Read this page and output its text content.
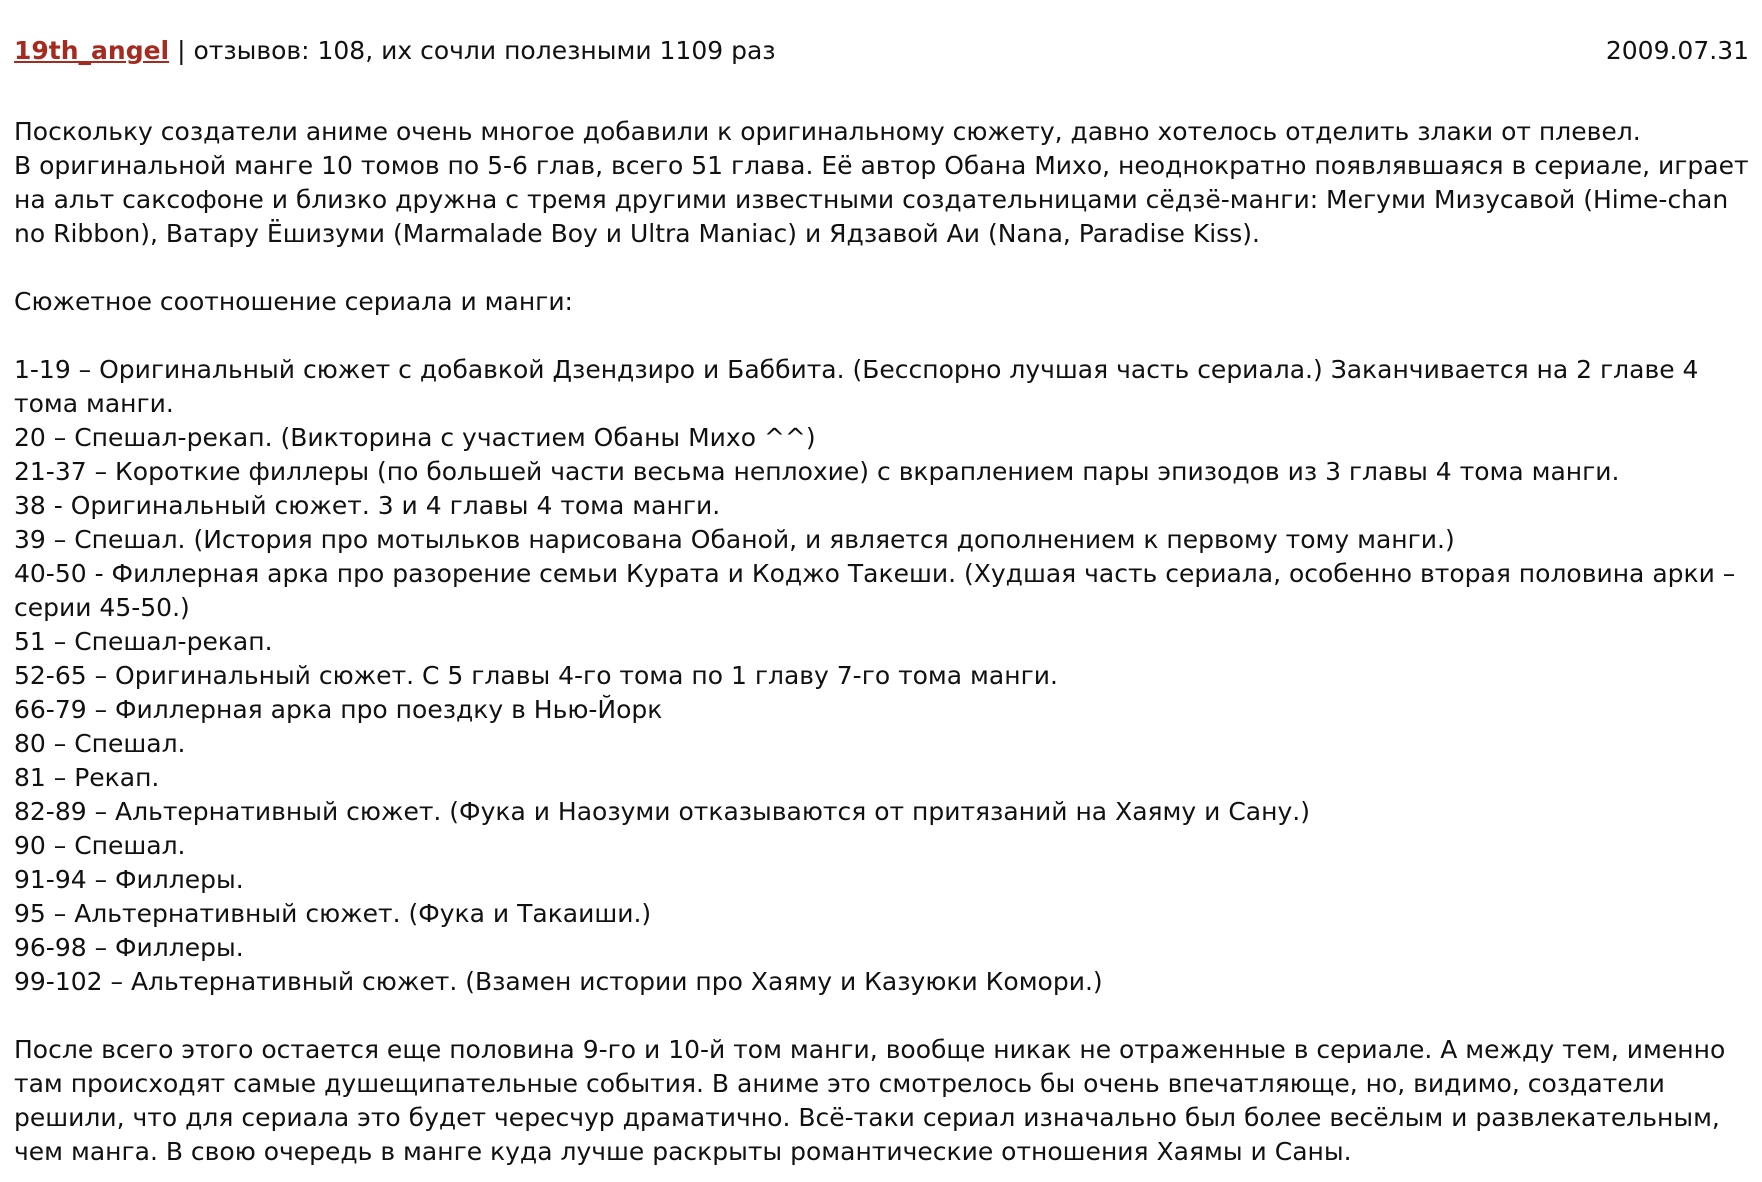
19th_angel | отзывов: 108, их сочли полезными 1109 раз	2009.07.31

Поскольку создатели аниме очень многое добавили к оригинальному сюжету, давно хотелось отделить злаки от плевел.
В оригинальной манге 10 томов по 5-6 глав, всего 51 глава. Её автор Обана Михо, неоднократно появлявшаяся в сериале, играет на альт саксофоне и близко дружна с тремя другими известными создательницами сёдзё-манги: Мегуми Мизусавой (Hime-chan no Ribbon), Ватару Ёшизуми (Marmalade Boy и Ultra Maniac) и Ядзавой Аи (Nana, Paradise Kiss).

Сюжетное соотношение сериала и манги:

1-19 – Оригинальный сюжет с добавкой Дзендзиро и Баббита. (Бесспорно лучшая часть сериала.) Заканчивается на 2 главе 4 тома манги.
20 – Спешал-рекап. (Викторина с участием Обаны Михо ^^)
21-37 – Короткие филлеры (по большей части весьма неплохие) с вкраплением пары эпизодов из 3 главы 4 тома манги.
38 - Оригинальный сюжет. 3 и 4 главы 4 тома манги.
39 – Спешал. (История про мотыльков нарисована Обаной, и является дополнением к первому тому манги.)
40-50 - Филлерная арка про разорение семьи Курата и Коджо Такеши. (Худшая часть сериала, особенно вторая половина арки – серии 45-50.)
51 – Спешал-рекап.
52-65 – Оригинальный сюжет. С 5 главы 4-го тома по 1 главу 7-го тома манги.
66-79 – Филлерная арка про поездку в Нью-Йорк
80 – Спешал.
81 – Рекап.
82-89 – Альтернативный сюжет. (Фука и Наозуми отказываются от притязаний на Хаяму и Сану.)
90 – Спешал.
91-94 – Филлеры.
95 – Альтернативный сюжет. (Фука и Такаиши.)
96-98 – Филлеры.
99-102 – Альтернативный сюжет. (Взамен истории про Хаяму и Казуюки Комори.)

После всего этого остается еще половина 9-го и 10-й том манги, вообще никак не отраженные в сериале. А между тем, именно там происходят самые душещипательные события. В аниме это смотрелось бы очень впечатляюще, но, видимо, создатели решили, что для сериала это будет чересчур драматично. Всё-таки сериал изначально был более весёлым и развлекательным, чем манга. В свою очередь в манге куда лучше раскрыты романтические отношения Хаямы и Саны.
